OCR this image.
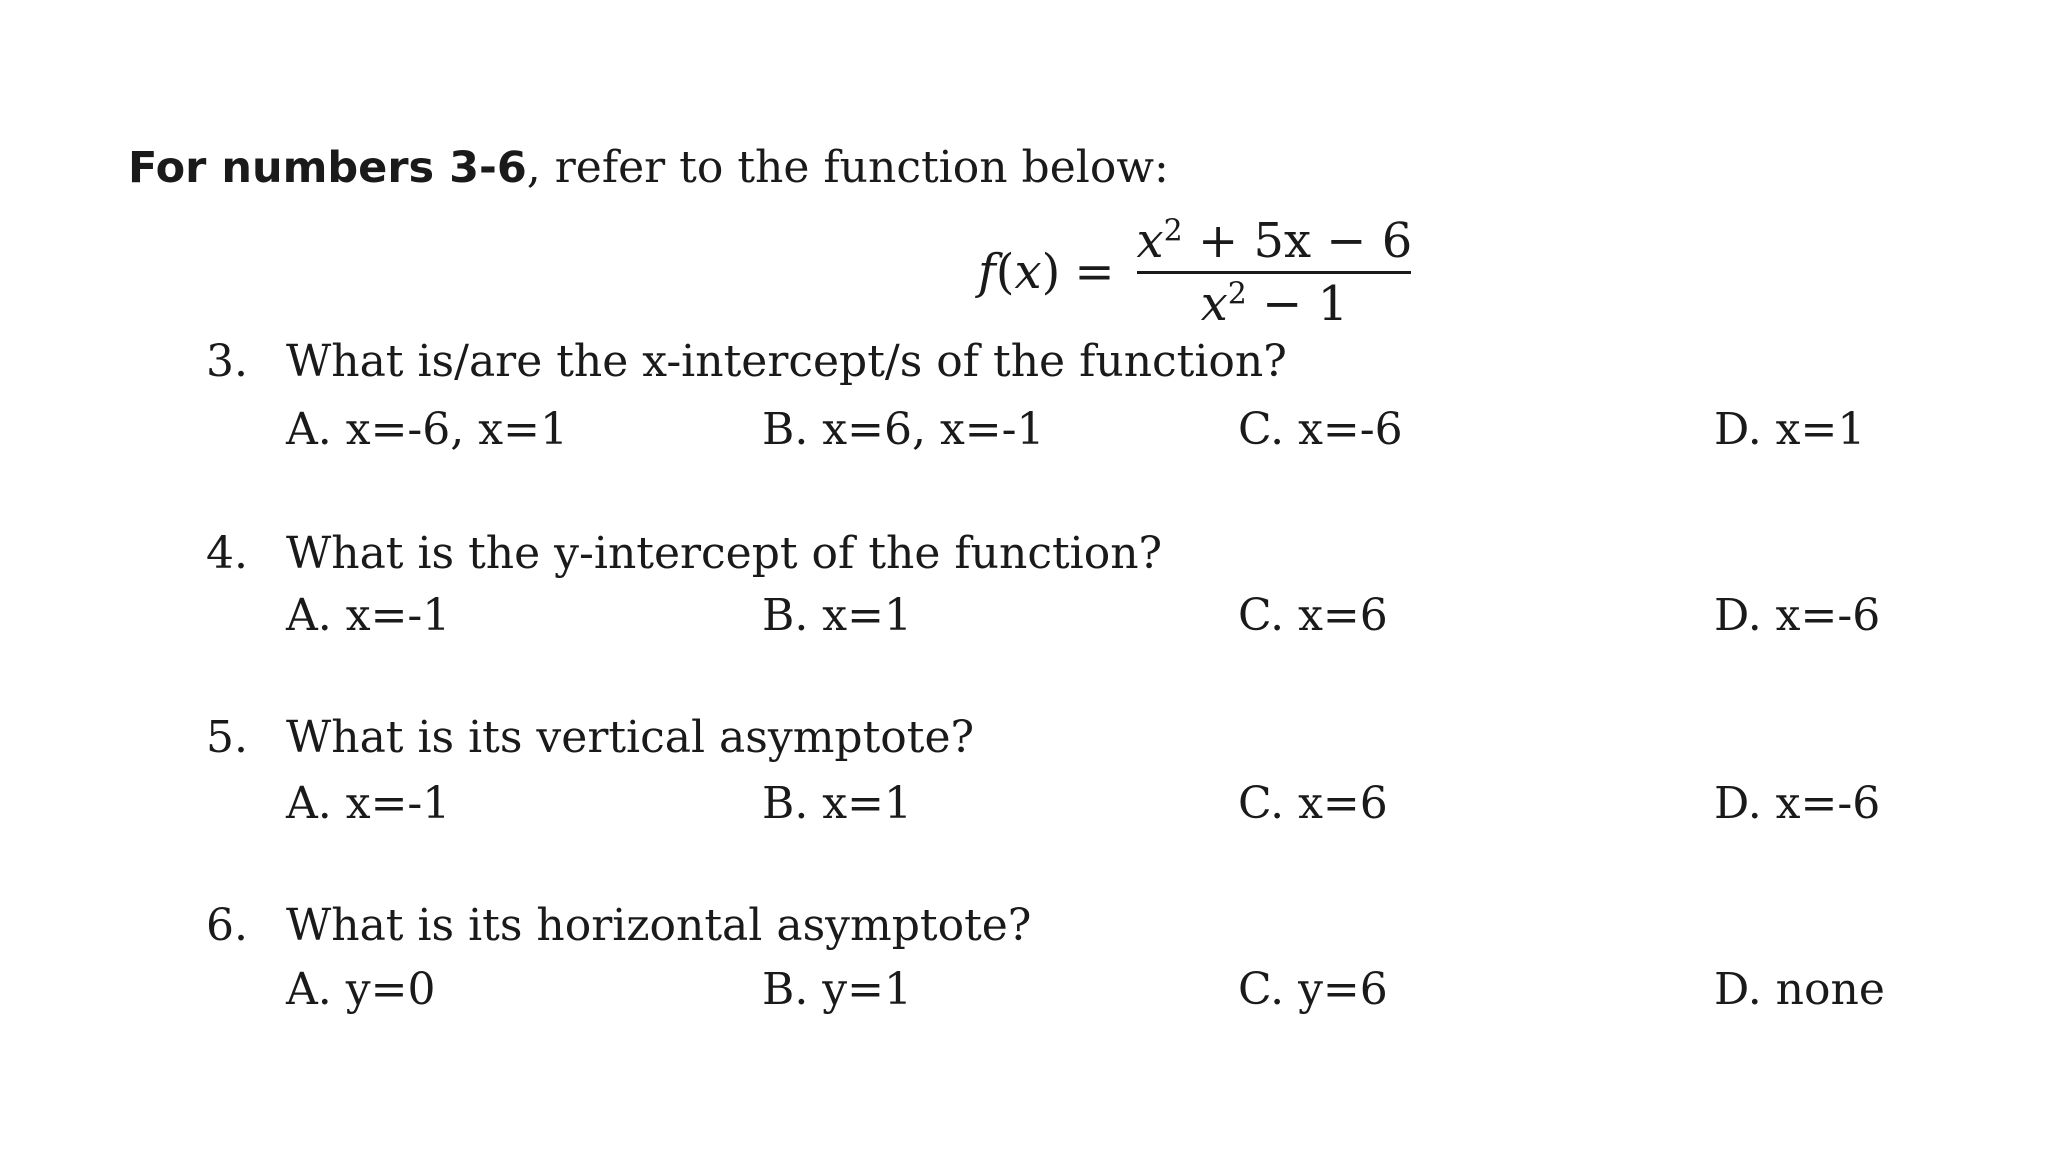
For numbers 3-6, refer to the function below:
$f(x) = \frac{x^2 + 5x - 6}{x^2 - 1}$
3. What is/are the x-intercept/s of the function?
A. x=-6, x=1	B. x=6, x=-1	C. x=-6	D. x=1
4. What is the y-intercept of the function?
A. x=-1	B. x=1	C. x=6	D. x=-6
5. What is its vertical asymptote?
A. x=-1	B. x=1	C. x=6	D. x=-6
6. What is its horizontal asymptote?
A. y=0	B. y=1	C. y=6	D. none
